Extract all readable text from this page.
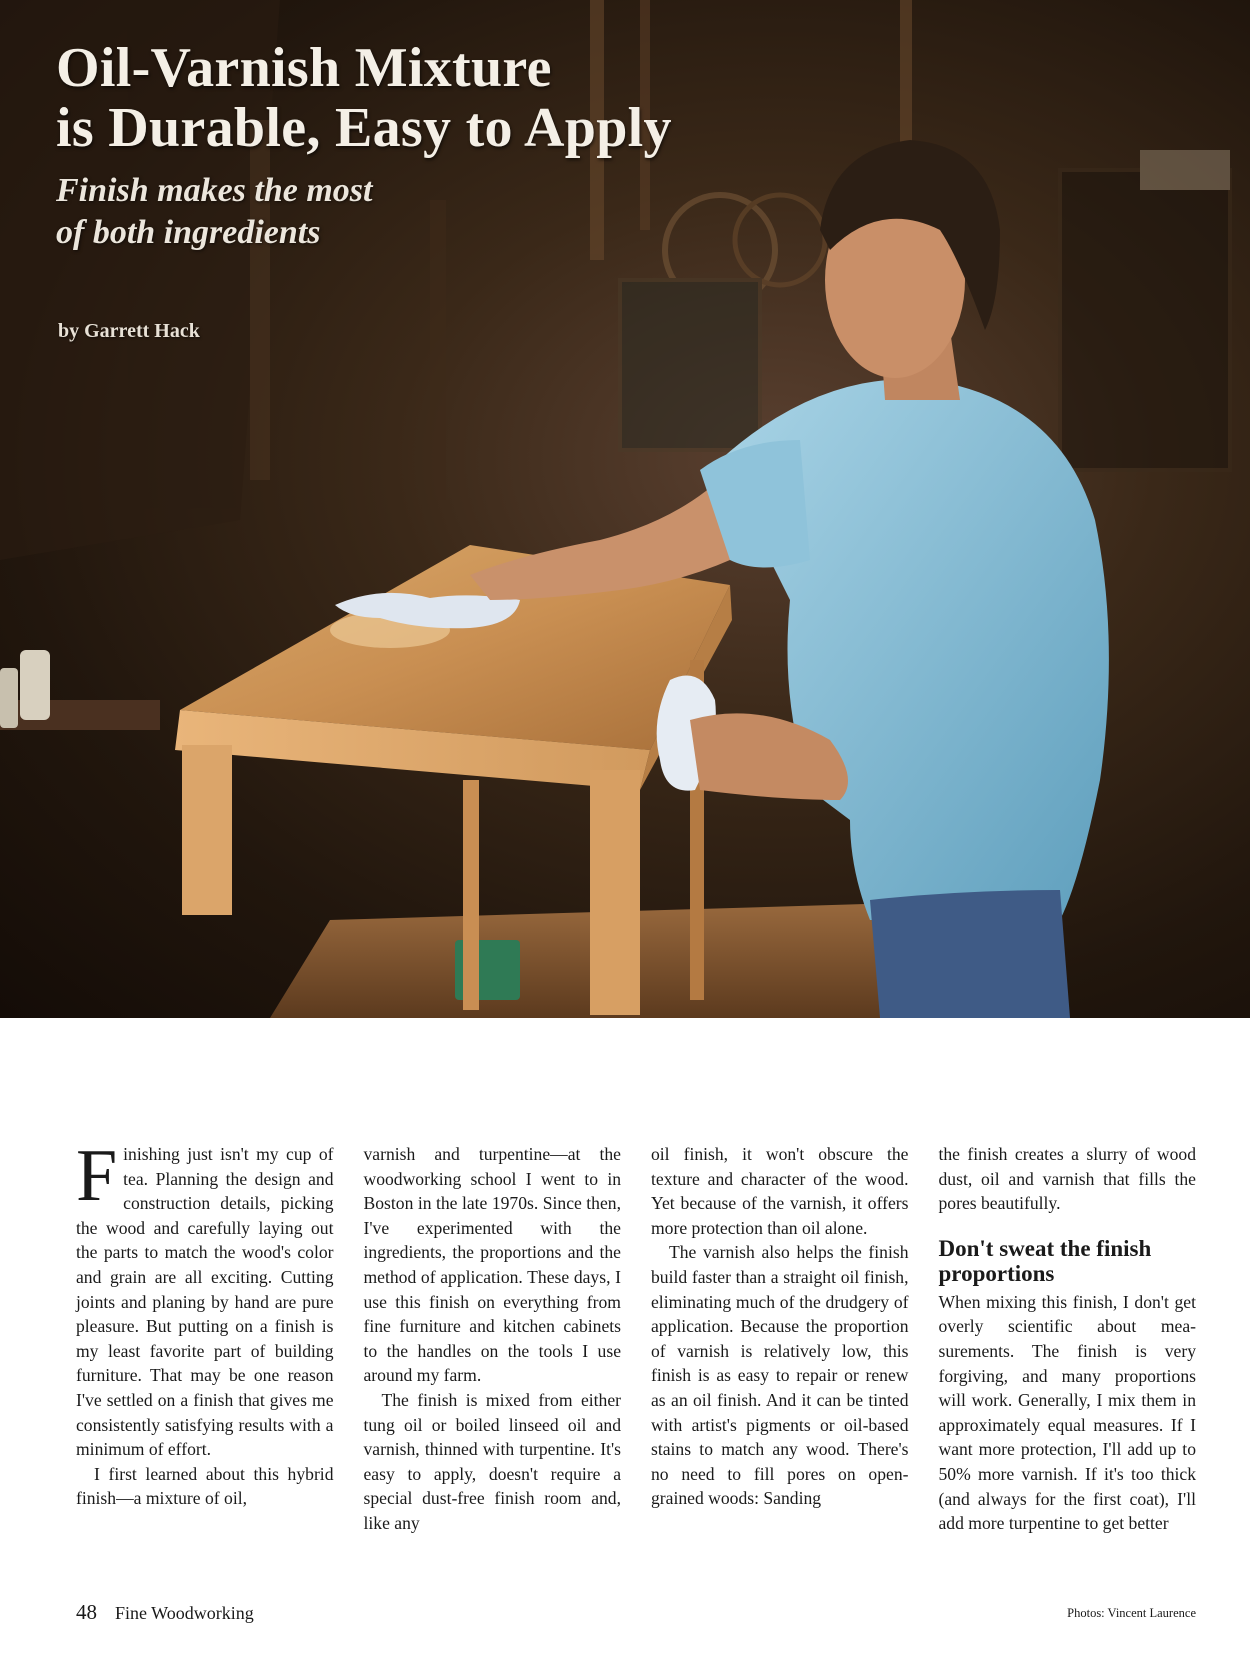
Oil-Varnish Mixture
is Durable, Easy to Apply
Finish makes the most
of both ingredients
by Garrett Hack

Finishing just isn't my cup of tea. Planning the design and construction details, picking the wood and carefully laying out the parts to match the wood's color and grain are all exciting. Cutting joints and planing by hand are pure pleasure. But putting on a finish is my least favorite part of building furniture. That may be one reason I've settled on a finish that gives me consistently satisfying results with a minimum of effort.

I first learned about this hybrid finish—a mixture of oil,

varnish and turpentine—at the woodworking school I went to in Boston in the late 1970s. Since then, I've experimented with the ingredients, the proportions and the method of application. These days, I use this finish on everything from fine furniture and kitchen cabinets to the handles on the tools I use around my farm.

The finish is mixed from either tung oil or boiled linseed oil and varnish, thinned with turpentine. It's easy to apply, doesn't require a special dust-free finish room and, like any

oil finish, it won't obscure the texture and character of the wood. Yet because of the varnish, it offers more protection than oil alone.

The varnish also helps the finish build faster than a straight oil finish, eliminating much of the drudgery of application. Because the proportion of varnish is relatively low, this finish is as easy to repair or renew as an oil finish. And it can be tinted with artist's pigments or oil-based stains to match any wood. There's no need to fill pores on open-grained woods: Sanding

the finish creates a slurry of wood dust, oil and varnish that fills the pores beautifully.

Don't sweat the finish proportions

When mixing this finish, I don't get overly scientific about measurements. The finish is very forgiving, and many proportions will work. Generally, I mix them in approximately equal measures. If I want more protection, I'll add up to 50% more varnish. If it's too thick (and always for the first coat), I'll add more turpentine to get better

48 Fine Woodworking	Photos: Vincent Laurence
